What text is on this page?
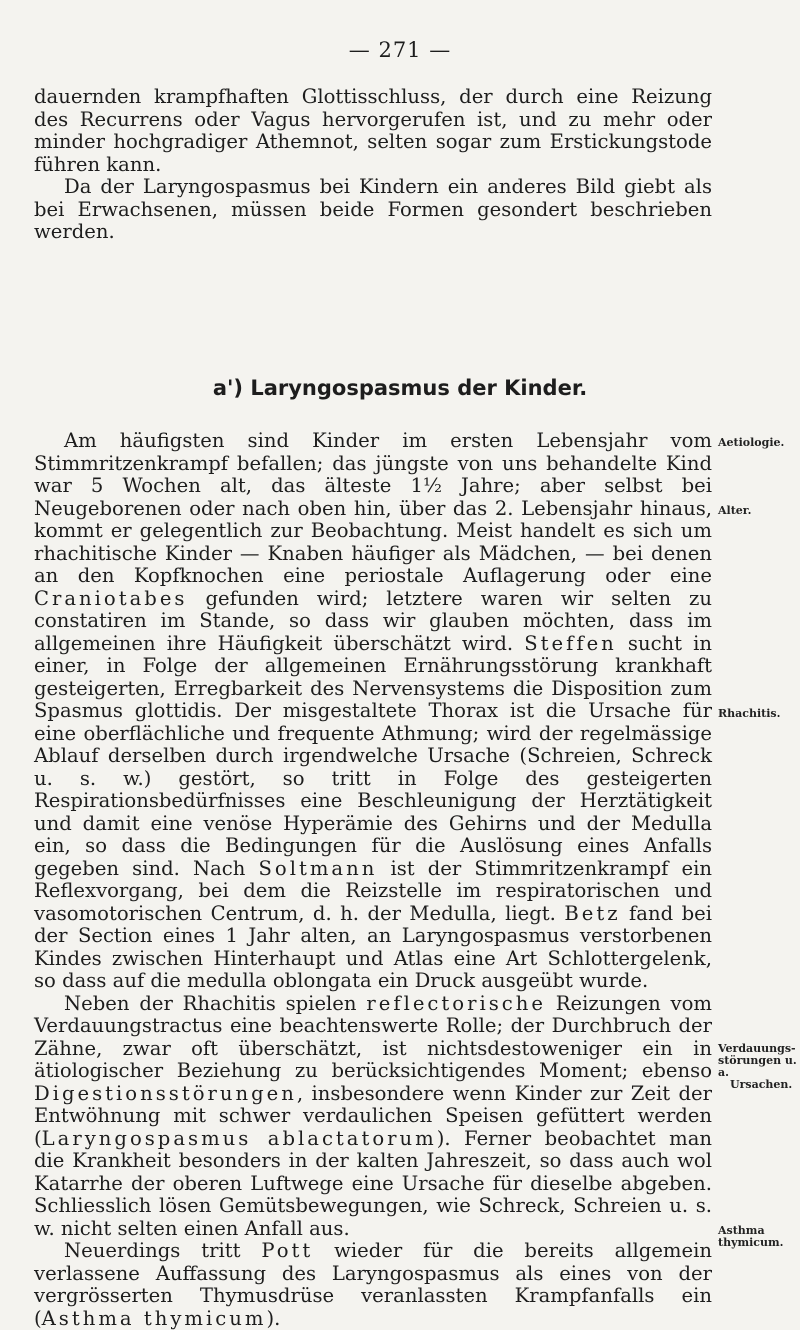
— 271 —

dauernden krampfhaften Glottisschluss, der durch eine Reizung des Recurrens oder Vagus hervorgerufen ist, und zu mehr oder minder hochgradiger Athemnot, selten sogar zum Erstickungstode führen kann.

Da der Laryngospasmus bei Kindern ein anderes Bild giebt als bei Erwachsenen, müssen beide Formen gesondert beschrieben werden.

a') Laryngospasmus der Kinder.

Am häufigsten sind Kinder im ersten Lebensjahr vom Stimmritzenkrampf befallen; das jüngste von uns behandelte Kind war 5 Wochen alt, das älteste 1½ Jahre; aber selbst bei Neugeborenen oder nach oben hin, über das 2. Lebensjahr hinaus, kommt er gelegentlich zur Beobachtung. Meist handelt es sich um rhachitische Kinder — Knaben häufiger als Mädchen, — bei denen an den Kopfknochen eine periostale Auflagerung oder eine Craniotabes gefunden wird; letztere waren wir selten zu constatiren im Stande, so dass wir glauben möchten, dass im allgemeinen ihre Häufigkeit überschätzt wird. Steffen sucht in einer, in Folge der allgemeinen Ernährungsstörung krankhaft gesteigerten, Erregbarkeit des Nervensystems die Disposition zum Spasmus glottidis. Der misgestaltete Thorax ist die Ursache für eine oberflächliche und frequente Athmung; wird der regelmässige Ablauf derselben durch irgendwelche Ursache (Schreien, Schreck u. s. w.) gestört, so tritt in Folge des gesteigerten Respirationsbedürfnisses eine Beschleunigung der Herztätigkeit und damit eine venöse Hyperämie des Gehirns und der Medulla ein, so dass die Bedingungen für die Auslösung eines Anfalls gegeben sind. Nach Soltmann ist der Stimmritzenkrampf ein Reflexvorgang, bei dem die Reizstelle im respiratorischen und vasomotorischen Centrum, d. h. der Medulla, liegt. Betz fand bei der Section eines 1 Jahr alten, an Laryngospasmus verstorbenen Kindes zwischen Hinterhaupt und Atlas eine Art Schlottergelenk, so dass auf die medulla oblongata ein Druck ausgeübt wurde.

Neben der Rhachitis spielen reflectorische Reizungen vom Verdauungstractus eine beachtenswerte Rolle; der Durchbruch der Zähne, zwar oft überschätzt, ist nichtsdestoweniger ein in ätiologischer Beziehung zu berücksichtigendes Moment; ebenso Digestionsstörungen, insbesondere wenn Kinder zur Zeit der Entwöhnung mit schwer verdaulichen Speisen gefüttert werden (Laryngospasmus ablactatorum). Ferner beobachtet man die Krankheit besonders in der kalten Jahreszeit, so dass auch wol Katarrhe der oberen Luftwege eine Ursache für dieselbe abgeben. Schliesslich lösen Gemütsbewegungen, wie Schreck, Schreien u. s. w. nicht selten einen Anfall aus.

Neuerdings tritt Pott wieder für die bereits allgemein verlassene Auffassung des Laryngospasmus als eines von der vergrösserten Thymusdrüse veranlassten Krampfanfalls ein (Asthma thymicum).

Aetiologie.
Alter.
Rhachitis.
Verdauungs-
störungen u. a.
Ursachen.
Asthma
thymicum.
